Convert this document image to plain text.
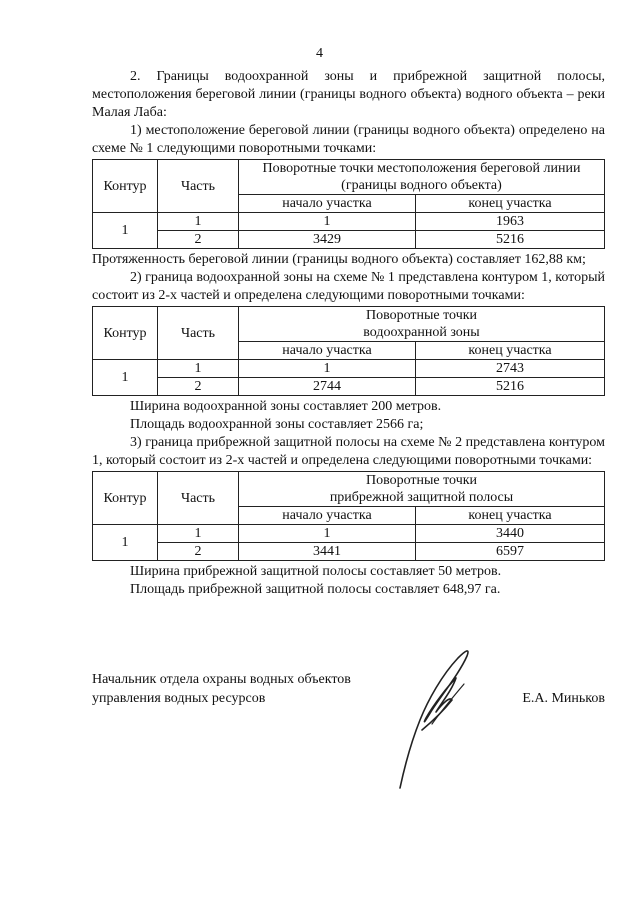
4

2. Границы водоохранной зоны и прибрежной защитной полосы, местоположения береговой линии (границы водного объекта) водного объекта – реки Малая Лаба:

1) местоположение береговой линии (границы водного объекта) определено на схеме № 1 следующими поворотными точками:

Контур	Часть	Поворотные точки местоположения береговой линии (границы водного объекта)	
		начало участка	конец участка
1	1	1	1963
	2	3429	5216

Протяженность береговой линии (границы водного объекта) составляет 162,88 км;

2) граница водоохранной зоны на схеме № 1 представлена контуром 1, который состоит из 2-х частей и определена следующими поворотными точками:

Контур	Часть	Поворотные точки	
		водоохранной зоны	
		начало участка	конец участка
1	1	1	2743
	2	2744	5216

Ширина водоохранной зоны составляет 200 метров.

Площадь водоохранной зоны составляет 2566 га;

3) граница прибрежной защитной полосы на схеме № 2 представлена контуром 1, который состоит из 2-х частей и определена следующими поворотными точками:

Контур	Часть	Поворотные точки	
		прибрежной защитной полосы	
		начало участка	конец участка
1	1	1	3440
	2	3441	6597

Ширина прибрежной защитной полосы составляет 50 метров.

Площадь прибрежной защитной полосы составляет 648,97 га.

Начальник отдела охраны водных объектов
управления водных ресурсов	Е.А. Миньков
